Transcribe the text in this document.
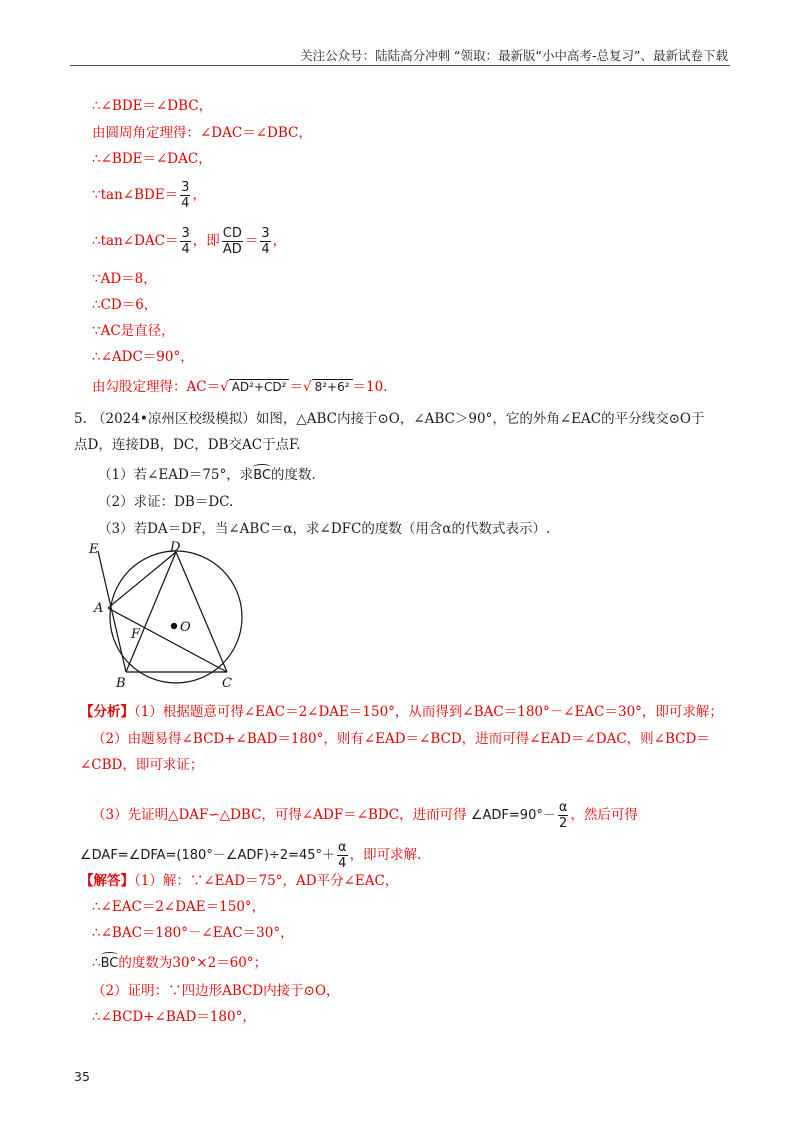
关注公众号：陆陆高分冲刺 “领取：最新版“小中高考-总复习”、最新试卷下载
∴∠BDE＝∠DBC，
由圆周角定理得：∠DAC＝∠DBC，
∴∠BDE＝∠DAC，
∵tan∠BDE＝ $\frac{3}{4}$ ，
∴tan∠DAC＝ $\frac{3}{4}$ ，即 $\frac{CD}{AD} = \frac{3}{4}$ ，
∵AD＝8，
∴CD＝6，
∵AC是直径，
∴∠ADC＝90°，
由勾股定理得：AC＝√ AD²+CD² ＝√ 8²+6² ＝10.
5. （2024•凉州区校级模拟）如图，△ABC内接于⊙O，∠ABC＞90°，它的外角∠EAC的平分线交⊙O于
点D，连接DB，DC，DB交AC于点F.
（1）若∠EAD＝75°，求BC的度数.
（2）求证：DB＝DC.
（3）若DA＝DF，当∠ABC＝α，求∠DFC的度数（用含α的代数式表示）.
E	D
A
F	O
B	C
【分析】（1）根据题意可得∠EAC＝2∠DAE＝150°，从而得到∠BAC＝180°－∠EAC＝30°，即可求解；
（2）由题易得∠BCD+∠BAD＝180°，则有∠EAD＝∠BCD，进而可得∠EAD＝∠DAC，则∠BCD＝
∠CBD，即可求证；
（3）先证明△DAF∽△DBC，可得∠ADF＝∠BDC，进而可得 ∠ADF=90°－ $\frac{\alpha}{2}$ ，然后可得
∠DAF=∠DFA=(180°－∠ADF)÷2=45°＋ $\frac{\alpha}{4}$ ，即可求解.
【解答】（1）解：∵∠EAD＝75°，AD平分∠EAC，
∴∠EAC＝2∠DAE＝150°，
∴∠BAC＝180°－∠EAC＝30°，
∴BC的度数为30°×2＝60°；
（2）证明：∵四边形ABCD内接于⊙O，
∴∠BCD+∠BAD＝180°，
35
